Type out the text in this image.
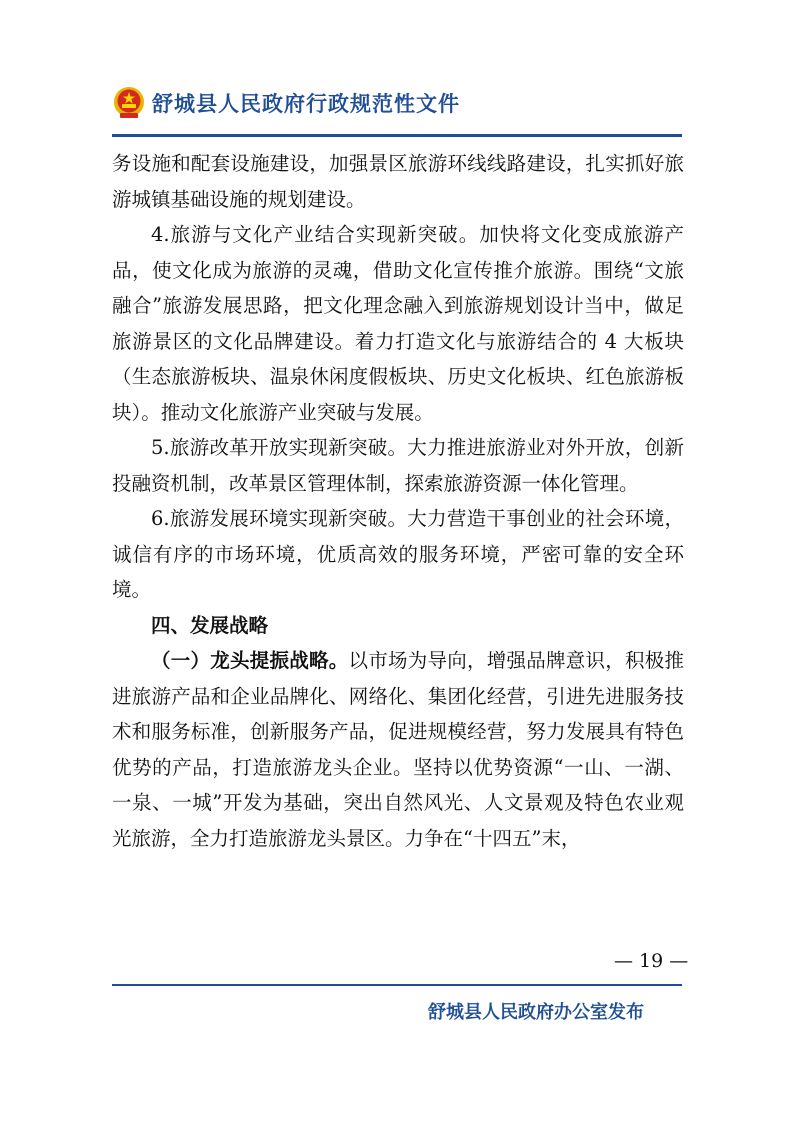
舒城县人民政府行政规范性文件

务设施和配套设施建设，加强景区旅游环线线路建设，扎实抓好旅游城镇基础设施的规划建设。

4.旅游与文化产业结合实现新突破。加快将文化变成旅游产品，使文化成为旅游的灵魂，借助文化宣传推介旅游。围绕“文旅融合”旅游发展思路，把文化理念融入到旅游规划设计当中，做足旅游景区的文化品牌建设。着力打造文化与旅游结合的 4 大板块（生态旅游板块、温泉休闲度假板块、历史文化板块、红色旅游板块）。推动文化旅游产业突破与发展。

5.旅游改革开放实现新突破。大力推进旅游业对外开放，创新投融资机制，改革景区管理体制，探索旅游资源一体化管理。

6.旅游发展环境实现新突破。大力营造干事创业的社会环境，诚信有序的市场环境，优质高效的服务环境，严密可靠的安全环境。

四、发展战略

（一）龙头提振战略。以市场为导向，增强品牌意识，积极推进旅游产品和企业品牌化、网络化、集团化经营，引进先进服务技术和服务标准，创新服务产品，促进规模经营，努力发展具有特色优势的产品，打造旅游龙头企业。坚持以优势资源“一山、一湖、一泉、一城”开发为基础，突出自然风光、人文景观及特色农业观光旅游，全力打造旅游龙头景区。力争在“十四五”末，

— 19 —
舒城县人民政府办公室发布
